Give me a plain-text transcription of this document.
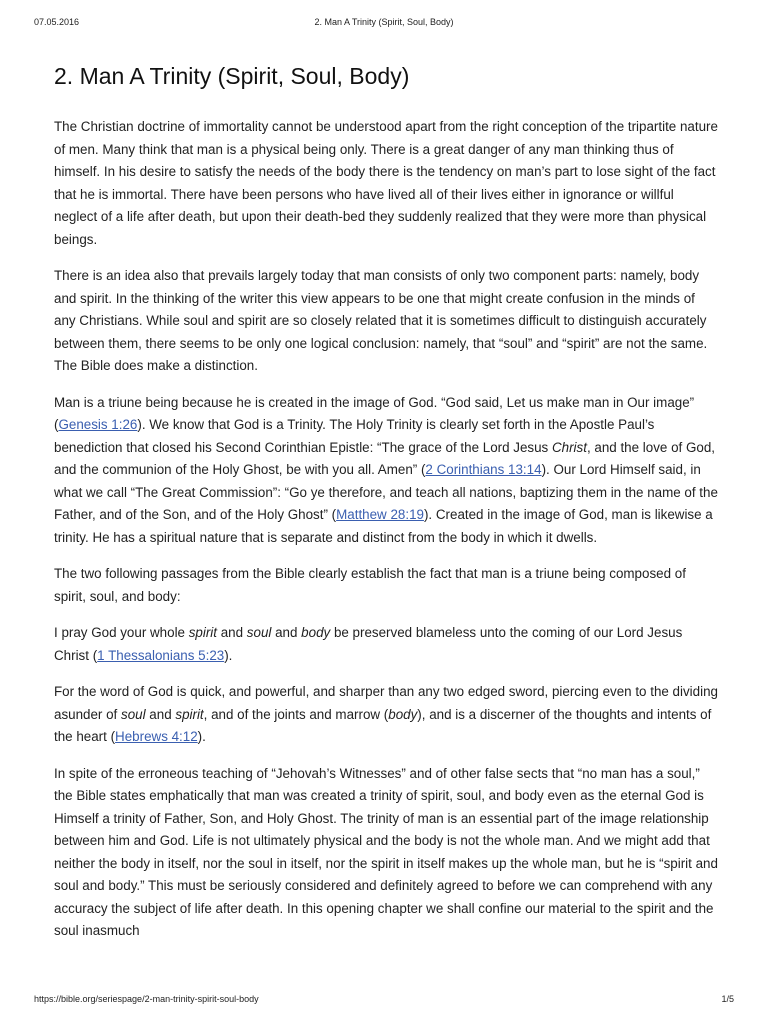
07.05.2016	2. Man A Trinity (Spirit, Soul, Body)
2. Man A Trinity (Spirit, Soul, Body)

The Christian doctrine of immortality cannot be understood apart from the right conception of the tripartite nature of men. Many think that man is a physical being only. There is a great danger of any man thinking thus of himself. In his desire to satisfy the needs of the body there is the tendency on man’s part to lose sight of the fact that he is immortal. There have been persons who have lived all of their lives either in ignorance or willful neglect of a life after death, but upon their death-bed they suddenly realized that they were more than physical beings.

There is an idea also that prevails largely today that man consists of only two component parts: namely, body and spirit. In the thinking of the writer this view appears to be one that might create confusion in the minds of any Christians. While soul and spirit are so closely related that it is sometimes difficult to distinguish accurately between them, there seems to be only one logical conclusion: namely, that “soul” and “spirit” are not the same. The Bible does make a distinction.

Man is a triune being because he is created in the image of God. “God said, Let us make man in Our image” (Genesis 1:26). We know that God is a Trinity. The Holy Trinity is clearly set forth in the Apostle Paul’s benediction that closed his Second Corinthian Epistle: “The grace of the Lord Jesus Christ, and the love of God, and the communion of the Holy Ghost, be with you all. Amen” (2 Corinthians 13:14). Our Lord Himself said, in what we call “The Great Commission”: “Go ye therefore, and teach all nations, baptizing them in the name of the Father, and of the Son, and of the Holy Ghost” (Matthew 28:19). Created in the image of God, man is likewise a trinity. He has a spiritual nature that is separate and distinct from the body in which it dwells.

The two following passages from the Bible clearly establish the fact that man is a triune being composed of spirit, soul, and body:

I pray God your whole spirit and soul and body be preserved blameless unto the coming of our Lord Jesus Christ (1 Thessalonians 5:23).

For the word of God is quick, and powerful, and sharper than any two edged sword, piercing even to the dividing asunder of soul and spirit, and of the joints and marrow (body), and is a discerner of the thoughts and intents of the heart (Hebrews 4:12).

In spite of the erroneous teaching of “Jehovah’s Witnesses” and of other false sects that “no man has a soul,” the Bible states emphatically that man was created a trinity of spirit, soul, and body even as the eternal God is Himself a trinity of Father, Son, and Holy Ghost. The trinity of man is an essential part of the image relationship between him and God. Life is not ultimately physical and the body is not the whole man. And we might add that neither the body in itself, nor the soul in itself, nor the spirit in itself makes up the whole man, but he is “spirit and soul and body.” This must be seriously considered and definitely agreed to before we can comprehend with any accuracy the subject of life after death. In this opening chapter we shall confine our material to the spirit and the soul inasmuch

https://bible.org/seriespage/2-man-trinity-spirit-soul-body	1/5
